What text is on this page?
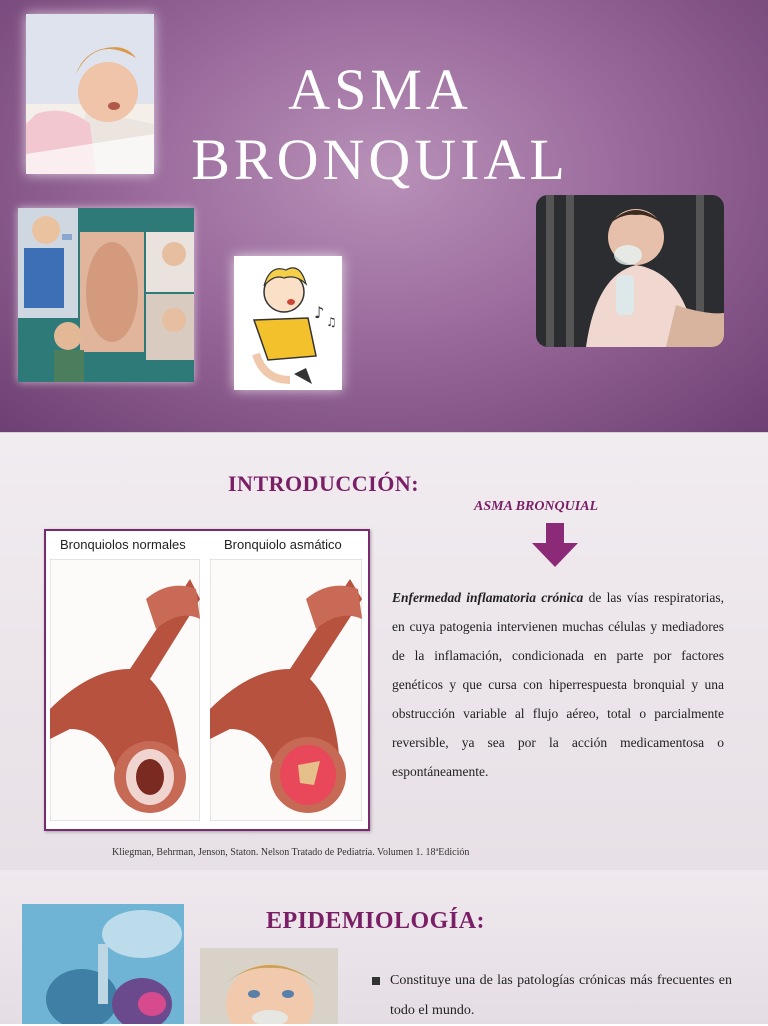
ASMA
BRONQUIAL
♪ ♫
INTRODUCCIÓN:
ASMA BRONQUIAL
Bronquiolos normales	Bronquiolo asmático

Enfermedad inflamatoria crónica de las vías respiratorias, en cuya patogenia intervienen muchas células y mediadores de la inflamación, condicionada en parte por factores genéticos y que cursa con hiperrespuesta bronquial y una obstrucción variable al flujo aéreo, total o parcialmente reversible, ya sea por la acción medicamentosa o espontáneamente.

Kliegman, Behrman, Jenson, Staton. Nelson Tratado de Pediatría. Volumen 1. 18ªEdición
EPIDEMIOLOGÍA:
Constituye una de las patologías crónicas más frecuentes en todo el mundo.
